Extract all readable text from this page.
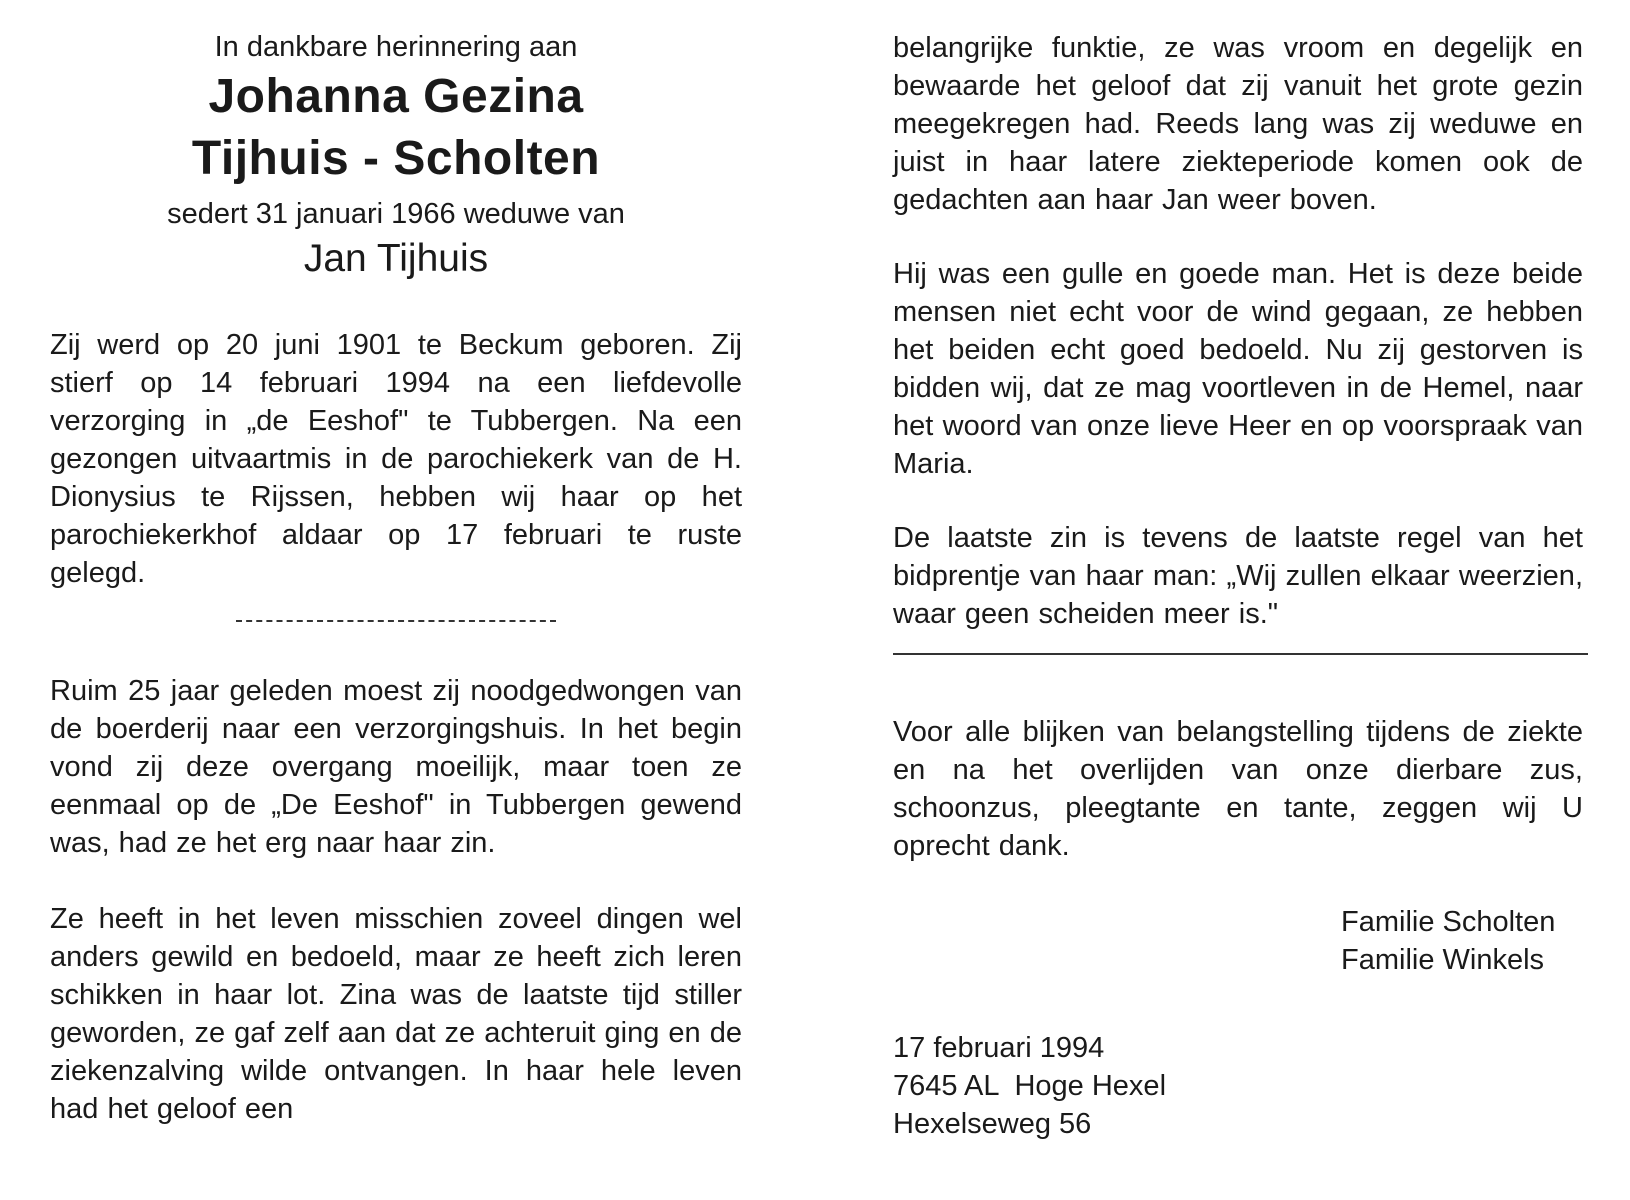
In dankbare herinnering aan
Johanna Gezina
Tijhuis - Scholten
sedert 31 januari 1966 weduwe van
Jan Tijhuis

Zij werd op 20 juni 1901 te Beckum geboren. Zij stierf op 14 februari 1994 na een liefdevolle verzorging in „de Eeshof" te Tubbergen. Na een gezongen uitvaartmis in de parochiekerk van de H. Dionysius te Rijssen, hebben wij haar op het parochiekerkhof aldaar op 17 februari te ruste gelegd.

Ruim 25 jaar geleden moest zij noodgedwongen van de boerderij naar een verzorgingshuis. In het begin vond zij deze overgang moeilijk, maar toen ze eenmaal op de „De Eeshof" in Tubbergen gewend was, had ze het erg naar haar zin.

Ze heeft in het leven misschien zoveel dingen wel anders gewild en bedoeld, maar ze heeft zich leren schikken in haar lot. Zina was de laatste tijd stiller geworden, ze gaf zelf aan dat ze achteruit ging en de ziekenzalving wilde ontvangen. In haar hele leven had het geloof een

belangrijke funktie, ze was vroom en degelijk en bewaarde het geloof dat zij vanuit het grote gezin meegekregen had. Reeds lang was zij weduwe en juist in haar latere ziekteperiode komen ook de gedachten aan haar Jan weer boven.

Hij was een gulle en goede man. Het is deze beide mensen niet echt voor de wind gegaan, ze hebben het beiden echt goed bedoeld. Nu zij gestorven is bidden wij, dat ze mag voortleven in de Hemel, naar het woord van onze lieve Heer en op voorspraak van Maria.

De laatste zin is tevens de laatste regel van het bidprentje van haar man: „Wij zullen elkaar weerzien, waar geen scheiden meer is."

Voor alle blijken van belangstelling tijdens de ziekte en na het overlijden van onze dierbare zus, schoonzus, pleegtante en tante, zeggen wij U oprecht dank.

Familie Scholten
Familie Winkels
17 februari 1994
7645 AL  Hoge Hexel
Hexelseweg 56
